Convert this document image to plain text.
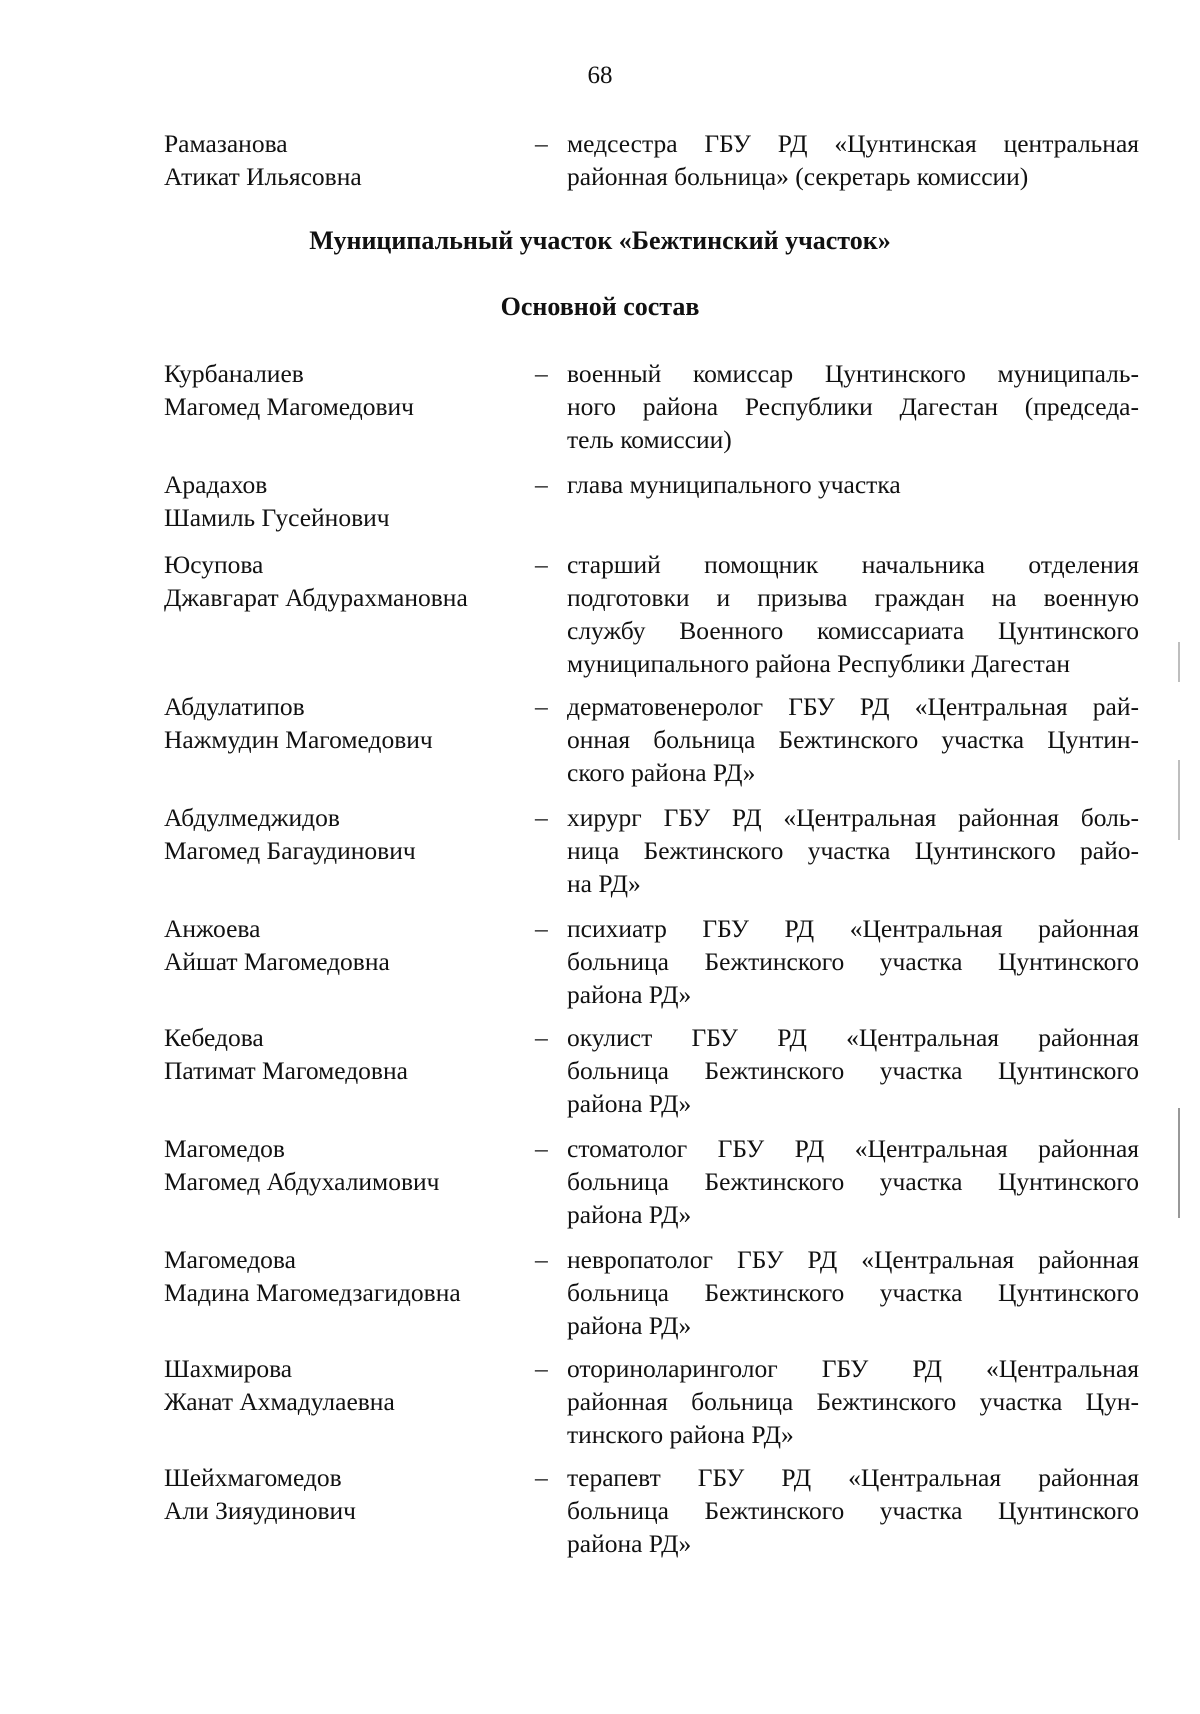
68
Рамазанова
Атикат Ильясовна
– медсестра ГБУ РД «Цунтинская центральная
районная больница» (секретарь комиссии)
Муниципальный участок «Бежтинский участок»
Основной состав
Курбаналиев
Магомед Магомедович
– военный комиссар Цунтинского муниципаль-
ного района Республики Дагестан (председа-
тель комиссии)
Арадахов
Шамиль Гусейнович
– глава муниципального участка
Юсупова
Джавгарат Абдурахмановна
– старший помощник начальника отделения
подготовки и призыва граждан на военную
службу Военного комиссариата Цунтинского
муниципального района Республики Дагестан
Абдулатипов
Нажмудин Магомедович
– дерматовенеролог ГБУ РД «Центральная рай-
онная больница Бежтинского участка Цунтин-
ского района РД»
Абдулмеджидов
Магомед Багаудинович
– хирург ГБУ РД «Центральная районная боль-
ница Бежтинского участка Цунтинского райо-
на РД»
Анжоева
Айшат Магомедовна
– психиатр ГБУ РД «Центральная районная
больница Бежтинского участка Цунтинского
района РД»
Кебедова
Патимат Магомедовна
– окулист ГБУ РД «Центральная районная
больница Бежтинского участка Цунтинского
района РД»
Магомедов
Магомед Абдухалимович
– стоматолог ГБУ РД «Центральная районная
больница Бежтинского участка Цунтинского
района РД»
Магомедова
Мадина Магомедзагидовна
– невропатолог ГБУ РД «Центральная районная
больница Бежтинского участка Цунтинского
района РД»
Шахмирова
Жанат Ахмадулаевна
– оториноларинголог ГБУ РД «Центральная
районная больница Бежтинского участка Цун-
тинского района РД»
Шейхмагомедов
Али Зияудинович
– терапевт ГБУ РД «Центральная районная
больница Бежтинского участка Цунтинского
района РД»
